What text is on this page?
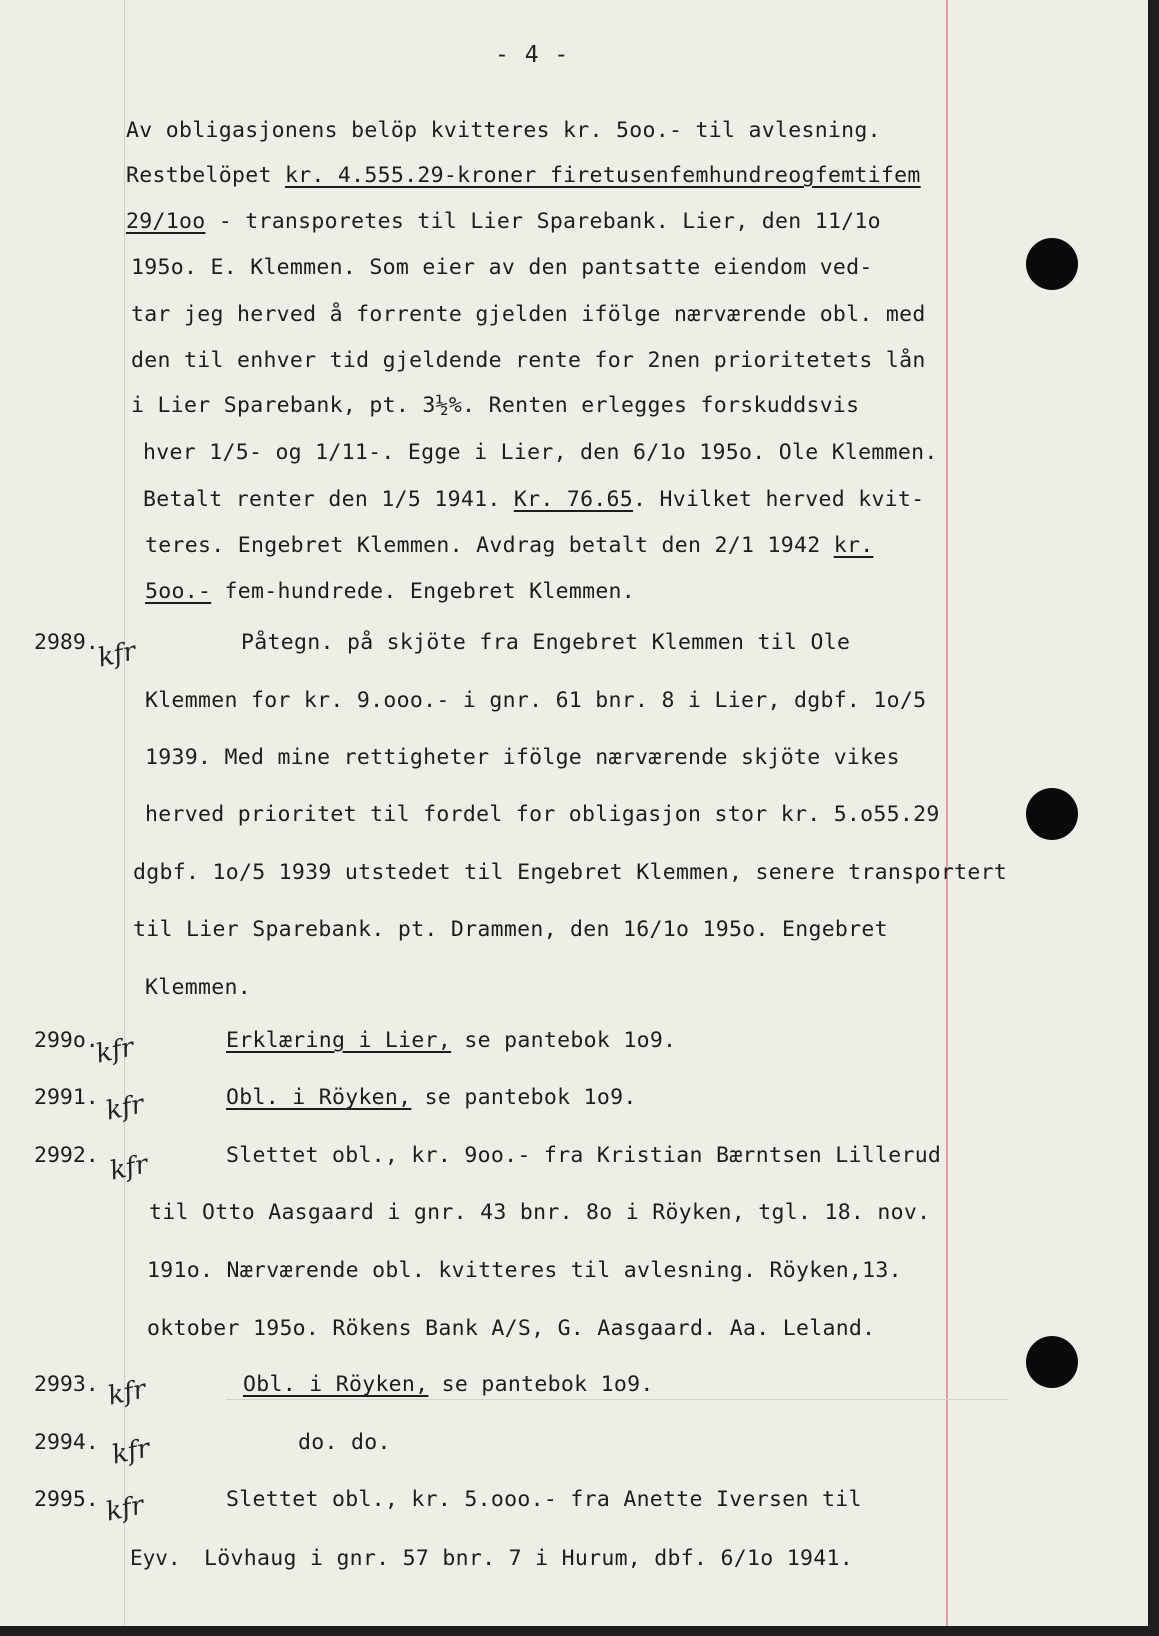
- 4 -
Av obligasjonens belöp kvitteres kr. 5oo.- til avlesning.
Restbelöpet kr. 4.555.29-kroner firetusenfemhundreogfemtifem
29/1oo - transporetes til Lier Sparebank. Lier, den 11/1o
195o. E. Klemmen. Som eier av den pantsatte eiendom ved-
tar jeg herved å forrente gjelden ifölge nærværende obl. med
den til enhver tid gjeldende rente for 2nen prioritetets lån
i Lier Sparebank, pt. 3½%. Renten erlegges forskuddsvis
hver 1/5- og 1/11-. Egge i Lier, den 6/1o 195o. Ole Klemmen.
Betalt renter den 1/5 1941. Kr. 76.65. Hvilket herved kvit-
teres. Engebret Klemmen. Avdrag betalt den 2/1 1942 kr.
5oo.- fem-hundrede. Engebret Klemmen.
Påtegn. på skjöte fra Engebret Klemmen til Ole
Klemmen for kr. 9.ooo.- i gnr. 61 bnr. 8 i Lier, dgbf. 1o/5
1939. Med mine rettigheter ifölge nærværende skjöte vikes
herved prioritet til fordel for obligasjon stor kr. 5.o55.29
dgbf. 1o/5 1939 utstedet til Engebret Klemmen, senere transportert
til Lier Sparebank. pt. Drammen, den 16/1o 195o. Engebret
Klemmen.
Erklæring i Lier, se pantebok 1o9.
Obl. i Röyken, se pantebok 1o9.
Slettet obl., kr. 9oo.- fra Kristian Bærntsen Lillerud
til Otto Aasgaard i gnr. 43 bnr. 8o i Röyken, tgl. 18. nov.
191o. Nærværende obl. kvitteres til avlesning. Röyken,13.
oktober 195o. Rökens Bank A/S, G. Aasgaard. Aa. Leland.
Obl. i Röyken, se pantebok 1o9.
do. do.
Slettet obl., kr. 5.ooo.- fra Anette Iversen til
Lövhaug i gnr. 57 bnr. 7 i Hurum, dbf. 6/1o 1941.
2989.
299o.
2991.
2992.
2993.
2994.
2995.
kfr
kfr
kfr
kfr
kfr
kfr
kfr
Eyv.
